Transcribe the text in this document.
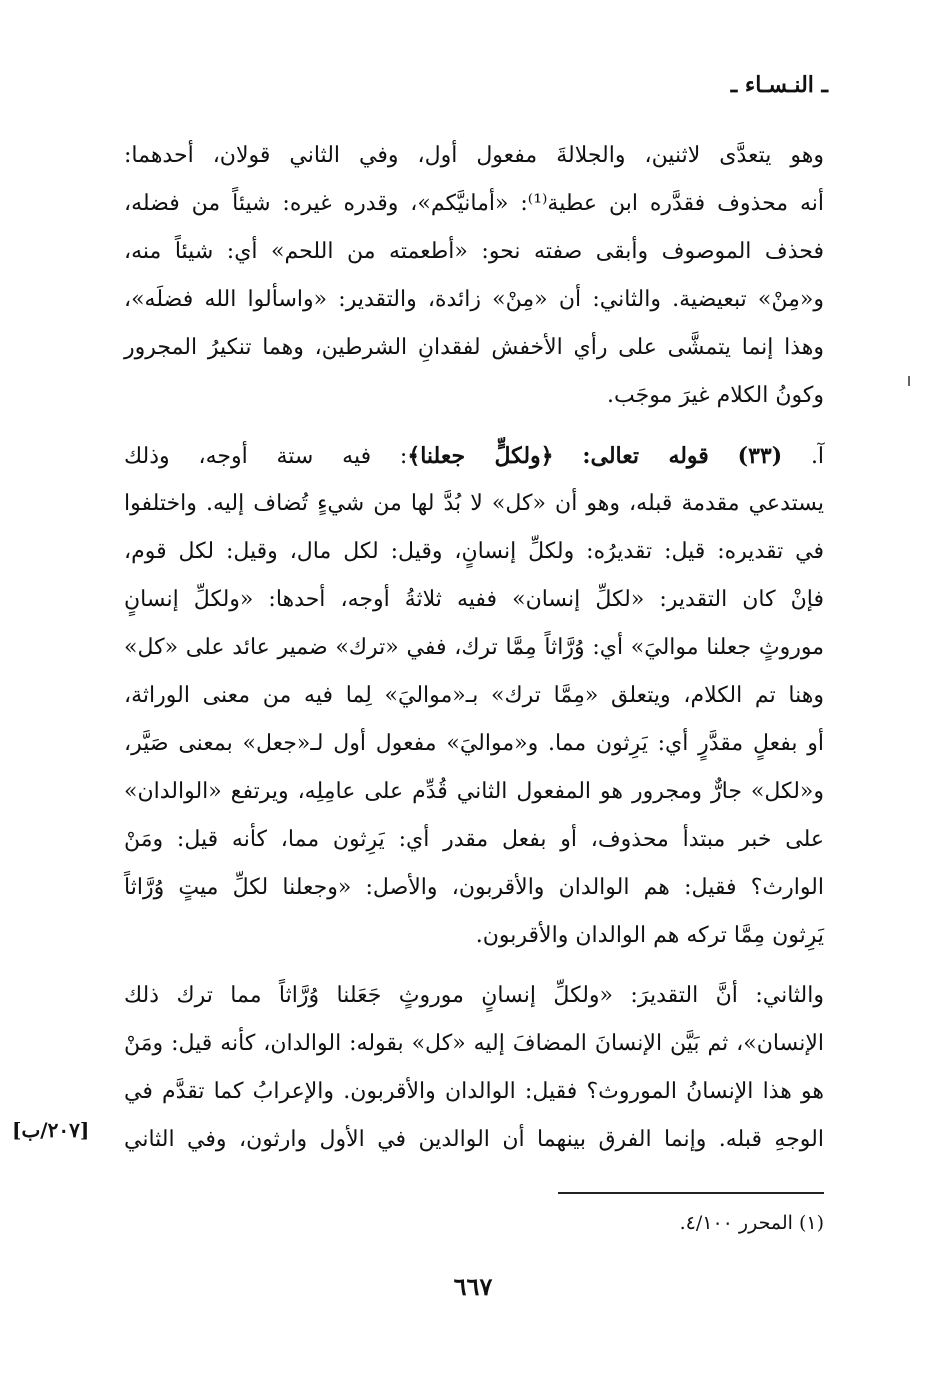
ـ النـسـاء ـ
وهو يتعدَّى لاثنين، والجلالةَ مفعول أول، وفي الثاني قولان، أحدهما:
أنه محذوف فقدَّره ابن عطية⁽¹⁾: «أمانيَّكم»، وقدره غيره: شيئاً من فضله،
فحذف الموصوف وأبقى صفته نحو: «أطعمته من اللحم» أي: شيئاً منه،
و«مِنْ» تبعيضية. والثاني: أن «مِنْ» زائدة، والتقدير: «واسألوا الله فضلَه»،
وهذا إنما يتمشَّى على رأي الأخفش لفقدانِ الشرطين، وهما تنكيرُ المجرور
وكونُ الكلام غيرَ موجَب.
آ. (٣٣) قوله تعالى: ﴿ولكلٍّ جعلنا﴾: فيه ستة أوجه، وذلك
يستدعي مقدمة قبله، وهو أن «كل» لا بُدَّ لها من شيءٍ تُضاف إليه. واختلفوا
في تقديره: قيل: تقديرُه: ولكلِّ إنسانٍ، وقيل: لكل مال، وقيل: لكل قوم،
فإنْ كان التقدير: «لكلِّ إنسان» ففيه ثلاثةُ أوجه، أحدها: «ولكلِّ إنسانٍ
موروثٍ جعلنا مواليَ» أي: وُرَّاثاً مِمَّا ترك، ففي «ترك» ضمير عائد على «كل»
وهنا تم الكلام، ويتعلق «مِمَّا ترك» بـ«مواليَ» لِما فيه من معنى الوراثة،
أو بفعلٍ مقدَّرٍ أي: يَرِثون مما. و«مواليَ» مفعول أول لـ«جعل» بمعنى صَيَّر،
و«لكل» جارٌّ ومجرور هو المفعول الثاني قُدِّم على عامِلِه، ويرتفع «الوالدان»
على خبر مبتدأ محذوف، أو بفعل مقدر أي: يَرِثون مما، كأنه قيل: ومَنْ
الوارث؟ فقيل: هم الوالدان والأقربون، والأصل: «وجعلنا لكلِّ ميتٍ وُرَّاثاً
يَرِثون مِمَّا تركه هم الوالدان والأقربون.
والثاني: أنَّ التقديرَ: «ولكلِّ إنسانٍ موروثٍ جَعَلنا وُرَّاثاً مما ترك ذلك
الإنسان»، ثم بَيَّن الإنسانَ المضافَ إليه «كل» بقوله: الوالدان، كأنه قيل: ومَنْ
هو هذا الإنسانُ الموروث؟ فقيل: الوالدان والأقربون. والإعرابُ كما تقدَّم في
الوجهِ قبله. وإنما الفرق بينهما أن الوالدين في الأول وارثون، وفي الثاني
[٢٠٧/ب]
(١) المحرر ٤/١٠٠.
٦٦٧
